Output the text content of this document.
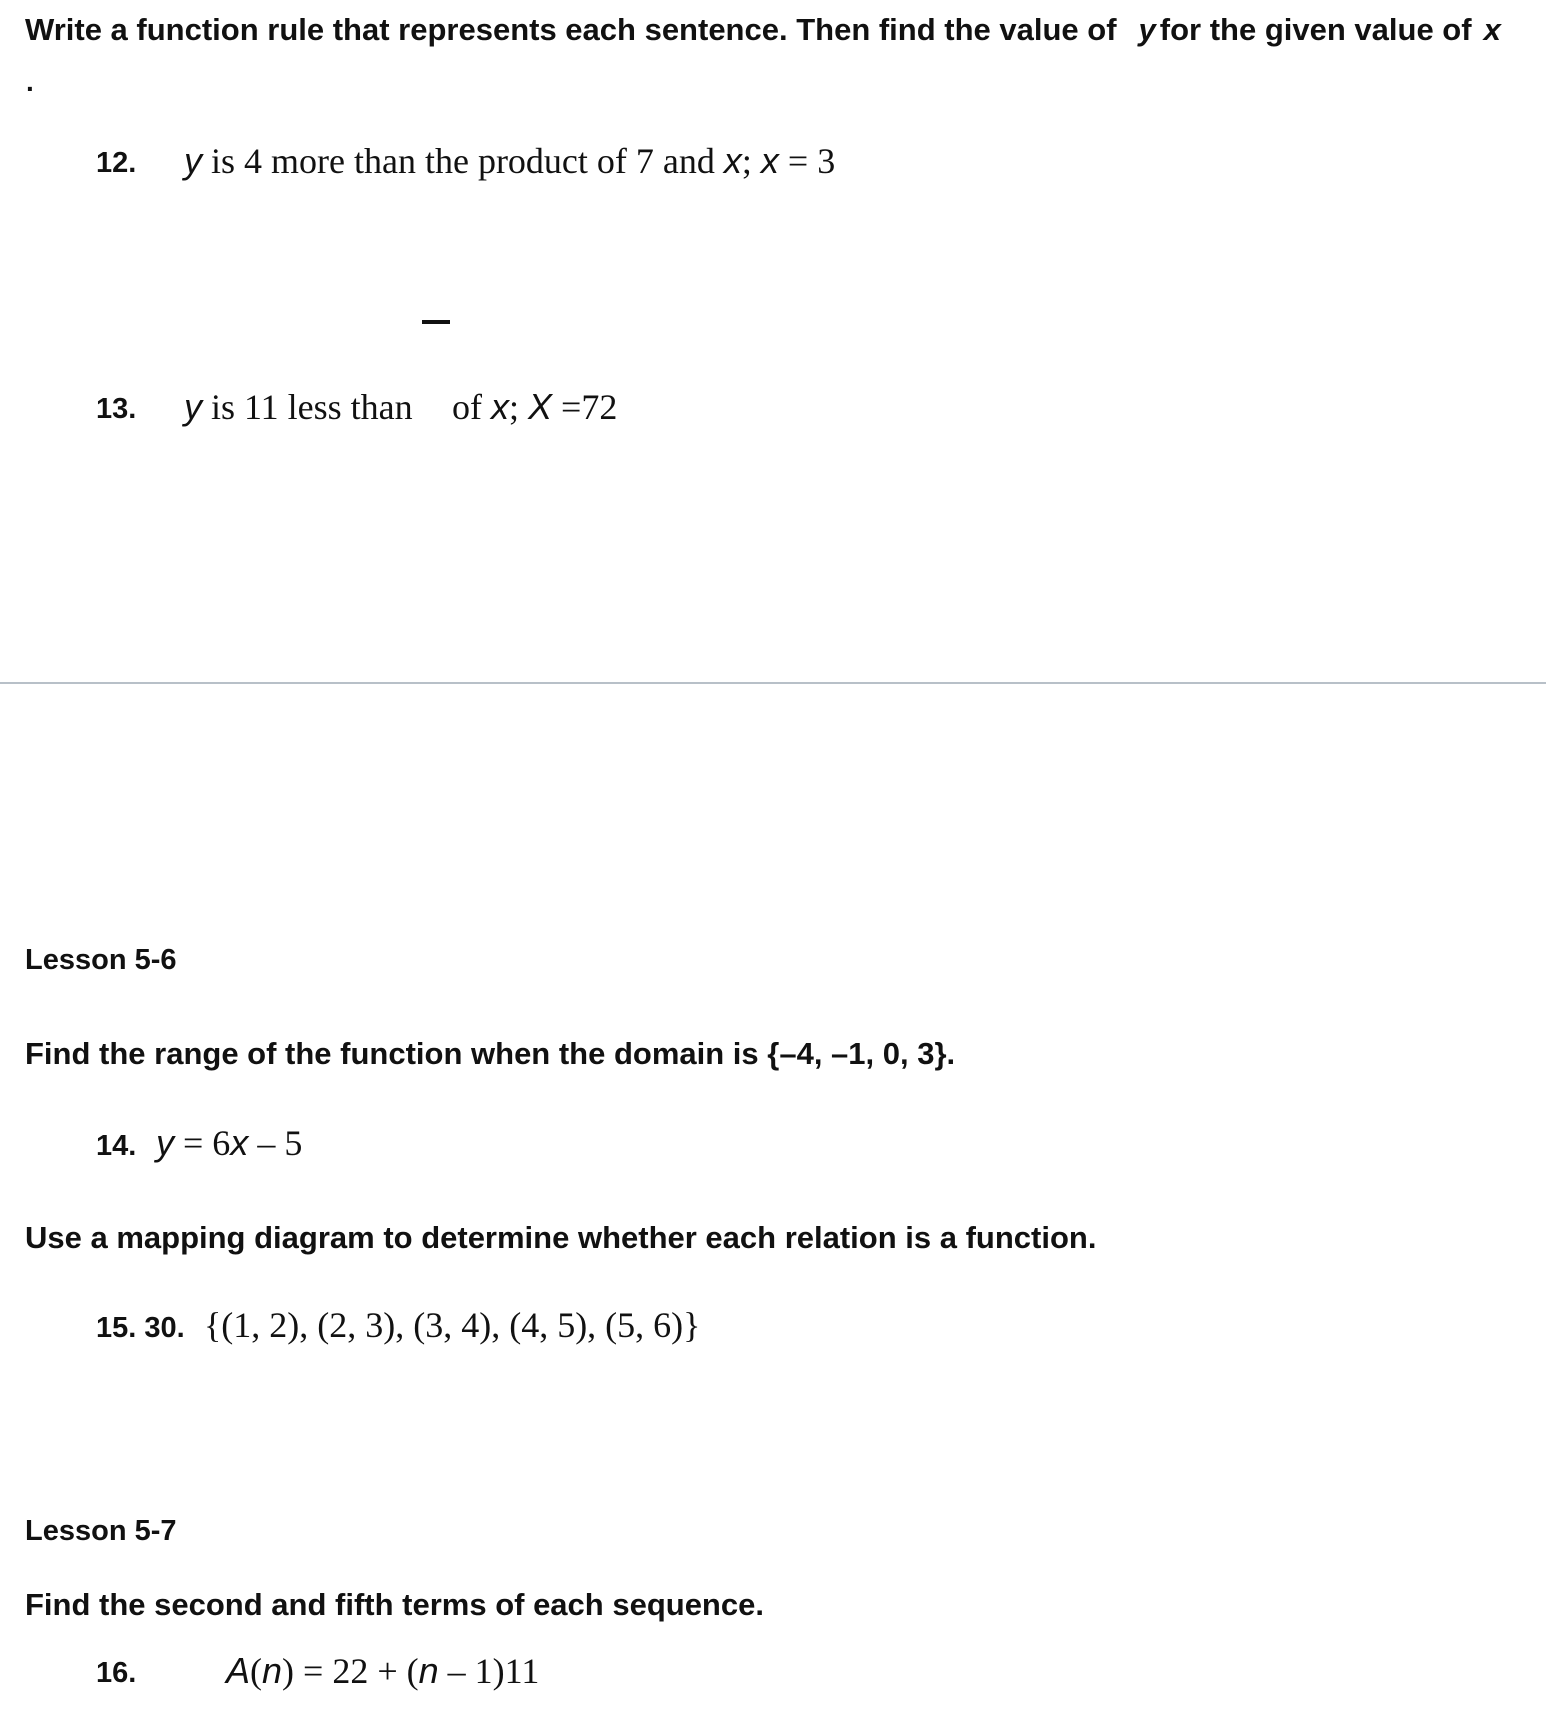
Write a function rule that represents each sentence. Then find the value of y for the given value of x
.
12. y is 4 more than the product of 7 and x; x = 3
13. y is 11 less than of x; X =72
Lesson 5-6
Find the range of the function when the domain is {–4, –1, 0, 3}.
14. y = 6x – 5
Use a mapping diagram to determine whether each relation is a function.
15. 30. {(1, 2), (2, 3), (3, 4), (4, 5), (5, 6)}
Lesson 5-7
Find the second and fifth terms of each sequence.
16. A(n) = 22 + (n – 1)11
